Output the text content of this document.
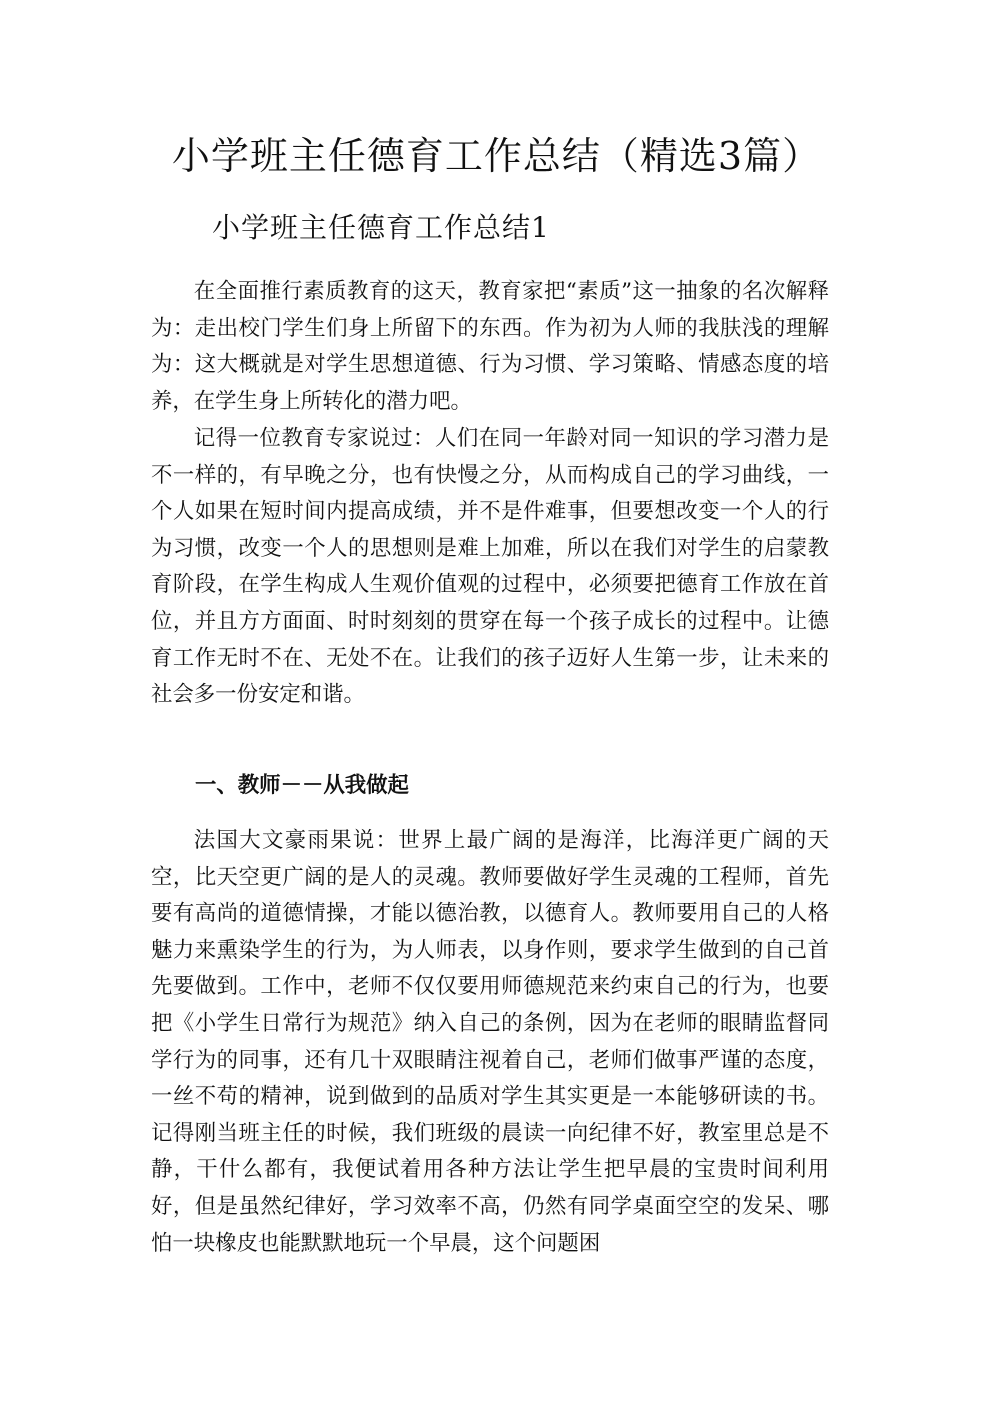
小学班主任德育工作总结（精选3篇）
小学班主任德育工作总结1

在全面推行素质教育的这天，教育家把“素质”这一抽象的名次解释为：走出校门学生们身上所留下的东西。作为初为人师的我肤浅的理解为：这大概就是对学生思想道德、行为习惯、学习策略、情感态度的培养，在学生身上所转化的潜力吧。

记得一位教育专家说过：人们在同一年龄对同一知识的学习潜力是不一样的，有早晚之分，也有快慢之分，从而构成自己的学习曲线，一个人如果在短时间内提高成绩，并不是件难事，但要想改变一个人的行为习惯，改变一个人的思想则是难上加难，所以在我们对学生的启蒙教育阶段，在学生构成人生观价值观的过程中，必须要把德育工作放在首位，并且方方面面、时时刻刻的贯穿在每一个孩子成长的过程中。让德育工作无时不在、无处不在。让我们的孩子迈好人生第一步，让未来的社会多一份安定和谐。

一、教师－－从我做起

法国大文豪雨果说：世界上最广阔的是海洋，比海洋更广阔的天空，比天空更广阔的是人的灵魂。教师要做好学生灵魂的工程师，首先要有高尚的道德情操，才能以德治教，以德育人。教师要用自己的人格魅力来熏染学生的行为，为人师表，以身作则，要求学生做到的自己首先要做到。工作中，老师不仅仅要用师德规范来约束自己的行为，也要把《小学生日常行为规范》纳入自己的条例，因为在老师的眼睛监督同学行为的同事，还有几十双眼睛注视着自己，老师们做事严谨的态度，一丝不苟的精神，说到做到的品质对学生其实更是一本能够研读的书。记得刚当班主任的时候，我们班级的晨读一向纪律不好，教室里总是不静，干什么都有，我便试着用各种方法让学生把早晨的宝贵时间利用好，但是虽然纪律好，学习效率不高，仍然有同学桌面空空的发呆、哪怕一块橡皮也能默默地玩一个早晨，这个问题困
